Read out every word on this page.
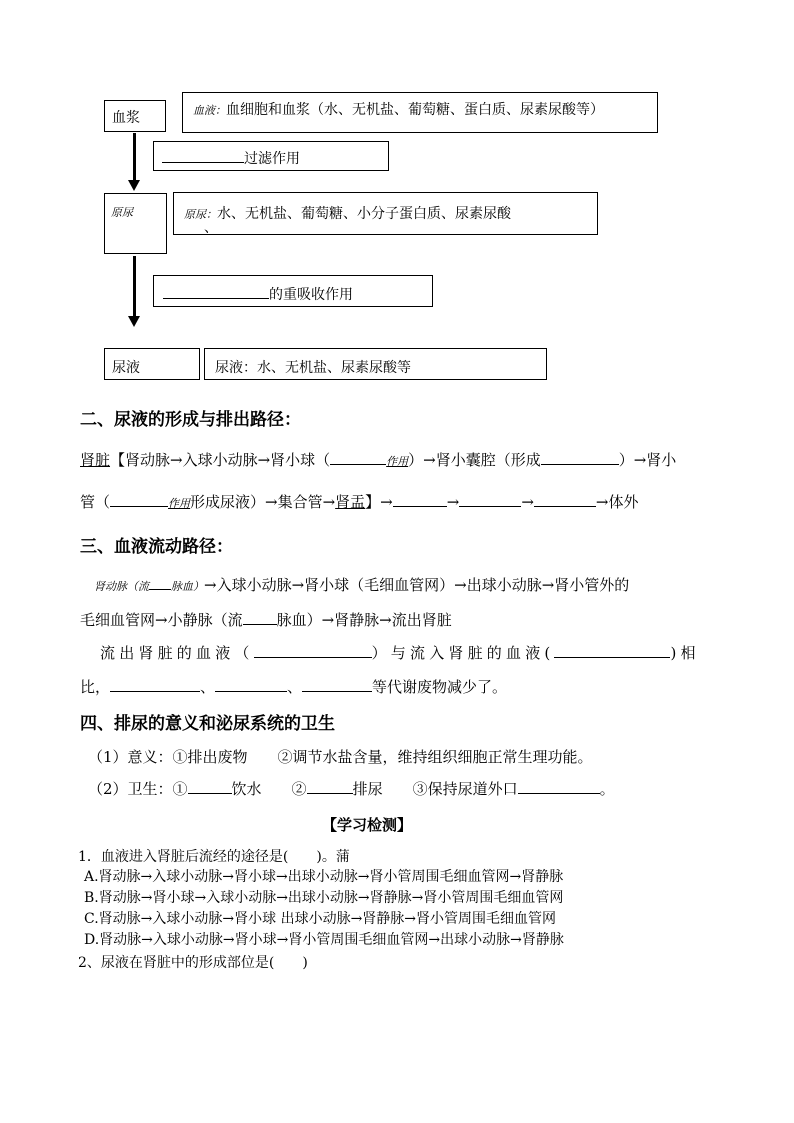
血浆	血液：血细胞和血浆（水、无机盐、葡萄糖、蛋白质、尿素尿酸等）
过滤作用
原尿	原尿：水、无机盐、葡萄糖、小分子蛋白质、尿素尿酸
、
的重吸收作用
尿液	尿液：水、无机盐、尿素尿酸等
二、尿液的形成与排出路径：
肾脏【肾动脉→入球小动脉→肾小球（	作用）→肾小囊腔（形成	）→肾小
管（	作用形成尿液）→集合管→肾盂】→	→	→	→体外
三、血液流动路径：
肾动脉（流 脉血）→入球小动脉→肾小球（毛细血管网）→出球小动脉→肾小管外的
毛细血管网→小静脉（流 脉血）→肾静脉→流出肾脏
流出肾脏的血液（	）与流入肾脏的血液(	)相
比，	、	、	等代谢废物减少了。
四、排尿的意义和泌尿系统的卫生
（1）意义：①排出废物　　②调节水盐含量，维持组织细胞正常生理功能。
（2）卫生：①	饮水　　②	排尿　　③保持尿道外口	。
【学习检测】
1．血液进入肾脏后流经的途径是(　　)。蒲
A.肾动脉→入球小动脉→肾小球→出球小动脉→肾小管周围毛细血管网→肾静脉
B.肾动脉→肾小球→入球小动脉→出球小动脉→肾静脉→肾小管周围毛细血管网
C.肾动脉→入球小动脉→肾小球 出球小动脉→肾静脉→肾小管周围毛细血管网
D.肾动脉→入球小动脉→肾小球→肾小管周围毛细血管网→出球小动脉→肾静脉
2、尿液在肾脏中的形成部位是(　　)
